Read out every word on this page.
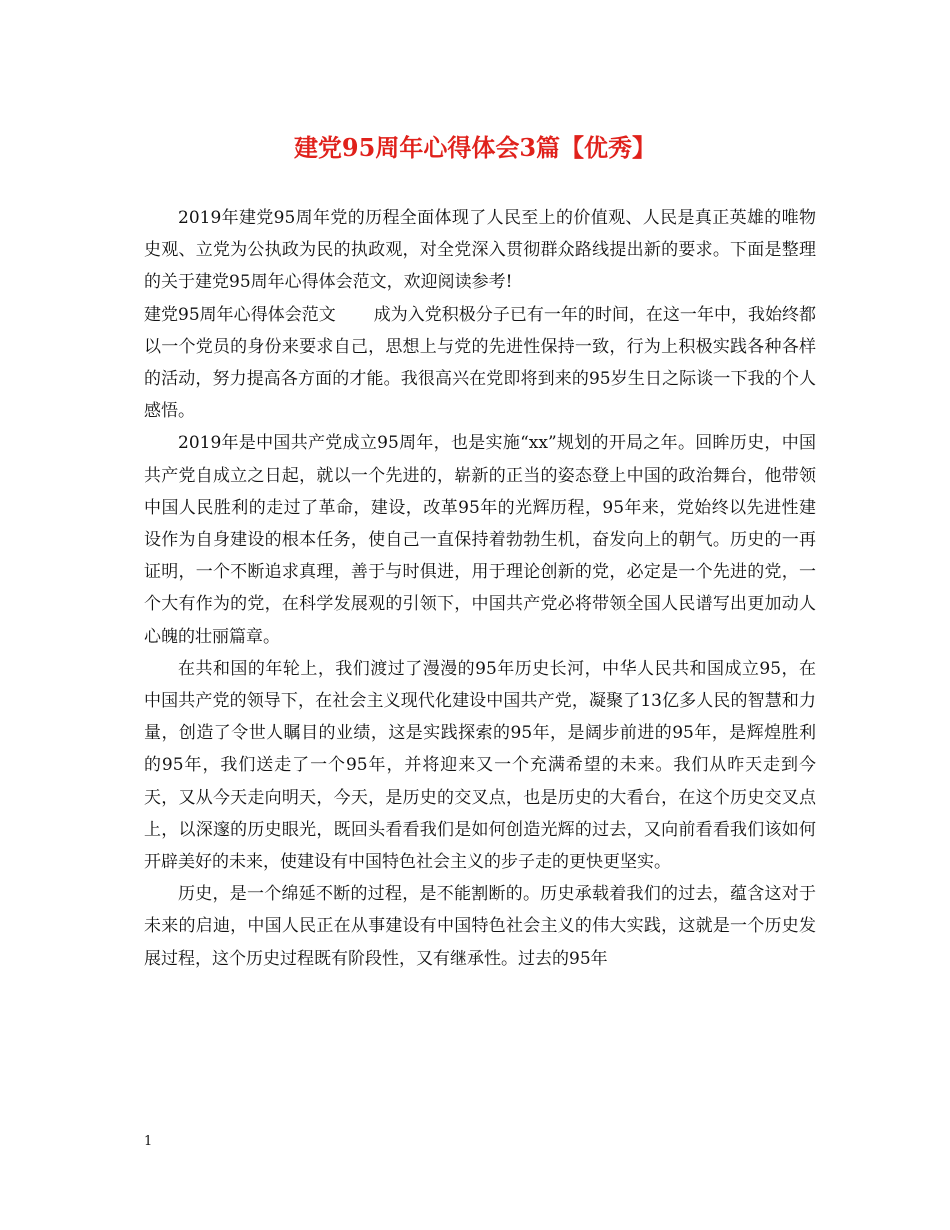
建党95周年心得体会3篇【优秀】

2019年建党95周年党的历程全面体现了人民至上的价值观、人民是真正英雄的唯物史观、立党为公执政为民的执政观，对全党深入贯彻群众路线提出新的要求。下面是整理的关于建党95周年心得体会范文，欢迎阅读参考!

建党95周年心得体会范文 成为入党积极分子已有一年的时间，在这一年中，我始终都以一个党员的身份来要求自己，思想上与党的先进性保持一致，行为上积极实践各种各样的活动，努力提高各方面的才能。我很高兴在党即将到来的95岁生日之际谈一下我的个人感悟。

2019年是中国共产党成立95周年，也是实施“xx”规划的开局之年。回眸历史，中国共产党自成立之日起，就以一个先进的，崭新的正当的姿态登上中国的政治舞台，他带领中国人民胜利的走过了革命，建设，改革95年的光辉历程，95年来，党始终以先进性建设作为自身建设的根本任务，使自己一直保持着勃勃生机，奋发向上的朝气。历史的一再证明，一个不断追求真理，善于与时俱进，用于理论创新的党，必定是一个先进的党，一个大有作为的党，在科学发展观的引领下，中国共产党必将带领全国人民谱写出更加动人心魄的壮丽篇章。

在共和国的年轮上，我们渡过了漫漫的95年历史长河，中华人民共和国成立95，在中国共产党的领导下，在社会主义现代化建设中国共产党，凝聚了13亿多人民的智慧和力量，创造了令世人瞩目的业绩，这是实践探索的95年，是阔步前进的95年，是辉煌胜利的95年，我们送走了一个95年，并将迎来又一个充满希望的未来。我们从昨天走到今天，又从今天走向明天，今天，是历史的交叉点，也是历史的大看台，在这个历史交叉点上，以深邃的历史眼光，既回头看看我们是如何创造光辉的过去，又向前看看我们该如何开辟美好的未来，使建设有中国特色社会主义的步子走的更快更坚实。

历史，是一个绵延不断的过程，是不能割断的。历史承载着我们的过去，蕴含这对于未来的启迪，中国人民正在从事建设有中国特色社会主义的伟大实践，这就是一个历史发展过程，这个历史过程既有阶段性，又有继承性。过去的95年

1
